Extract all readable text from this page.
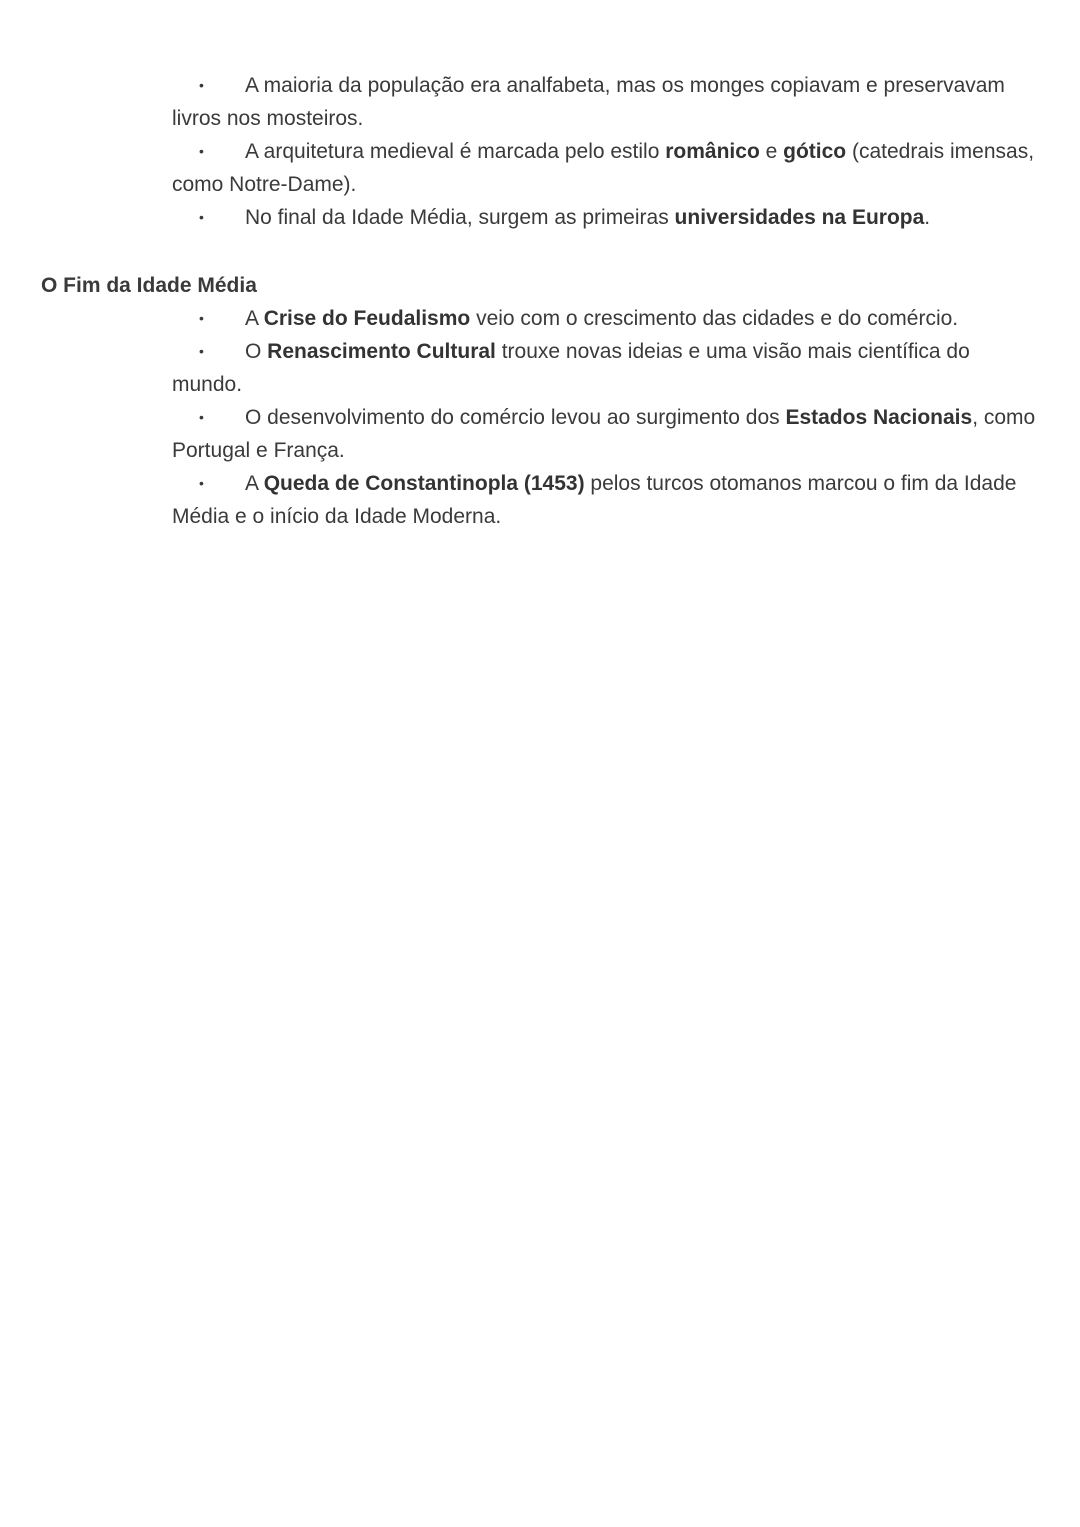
• A maioria da população era analfabeta, mas os monges copiavam e preservavam livros nos mosteiros.
• A arquitetura medieval é marcada pelo estilo românico e gótico (catedrais imensas, como Notre-Dame).
• No final da Idade Média, surgem as primeiras universidades na Europa.
O Fim da Idade Média
• A Crise do Feudalismo veio com o crescimento das cidades e do comércio.
• O Renascimento Cultural trouxe novas ideias e uma visão mais científica do mundo.
• O desenvolvimento do comércio levou ao surgimento dos Estados Nacionais, como Portugal e França.
• A Queda de Constantinopla (1453) pelos turcos otomanos marcou o fim da Idade Média e o início da Idade Moderna.
